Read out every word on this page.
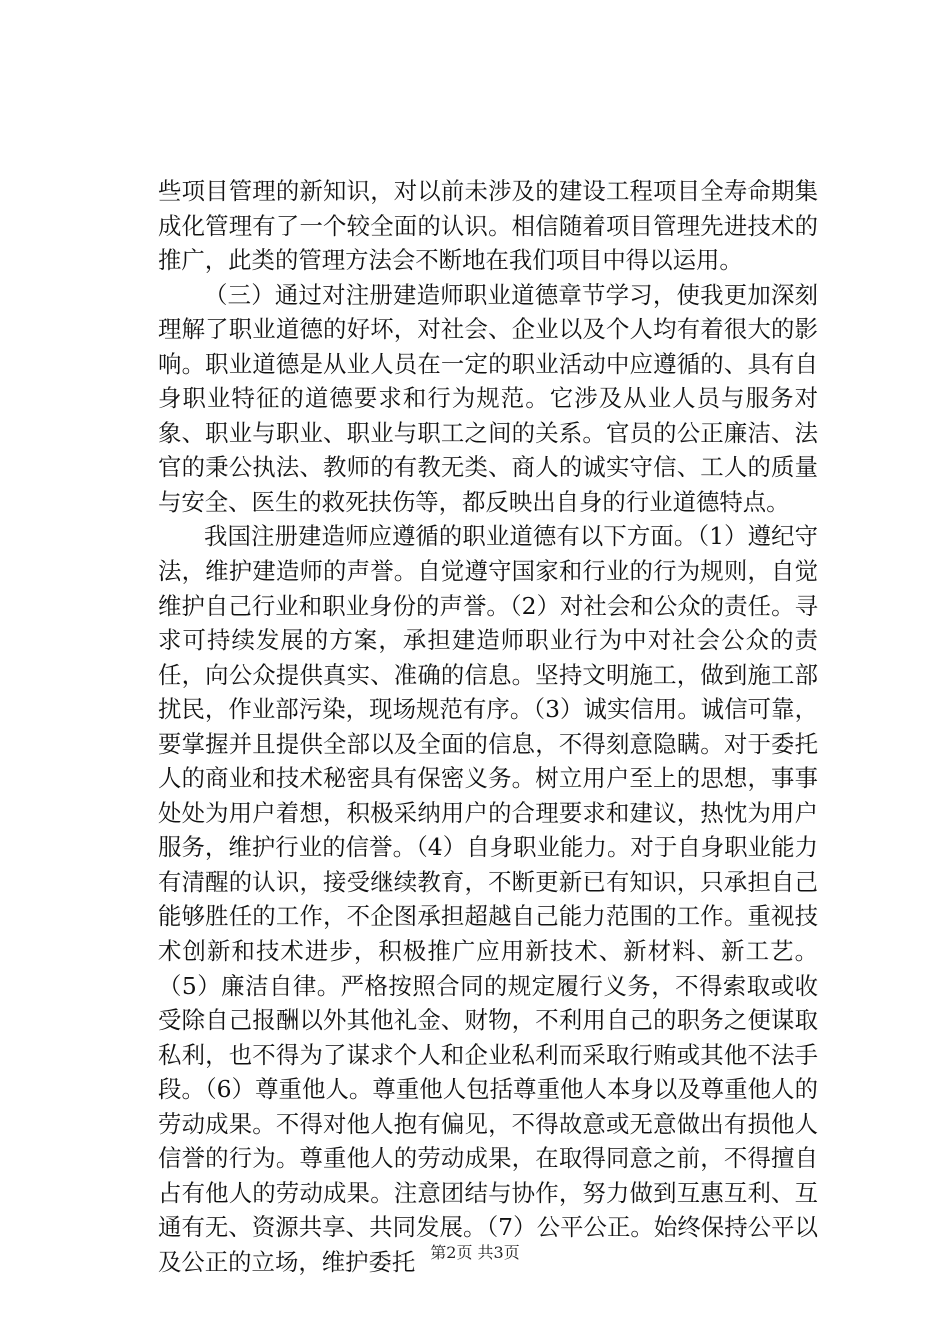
些项目管理的新知识，对以前未涉及的建设工程项目全寿命期集成化管理有了一个较全面的认识。相信随着项目管理先进技术的推广，此类的管理方法会不断地在我们项目中得以运用。

（三）通过对注册建造师职业道德章节学习，使我更加深刻理解了职业道德的好坏，对社会、企业以及个人均有着很大的影响。职业道德是从业人员在一定的职业活动中应遵循的、具有自身职业特征的道德要求和行为规范。它涉及从业人员与服务对象、职业与职业、职业与职工之间的关系。官员的公正廉洁、法官的秉公执法、教师的有教无类、商人的诚实守信、工人的质量与安全、医生的救死扶伤等，都反映出自身的行业道德特点。

我国注册建造师应遵循的职业道德有以下方面。（1）遵纪守法，维护建造师的声誉。自觉遵守国家和行业的行为规则，自觉维护自己行业和职业身份的声誉。（2）对社会和公众的责任。寻求可持续发展的方案，承担建造师职业行为中对社会公众的责任，向公众提供真实、准确的信息。坚持文明施工，做到施工部扰民，作业部污染，现场规范有序。（3）诚实信用。诚信可靠，要掌握并且提供全部以及全面的信息，不得刻意隐瞒。对于委托人的商业和技术秘密具有保密义务。树立用户至上的思想，事事处处为用户着想，积极采纳用户的合理要求和建议，热忱为用户服务，维护行业的信誉。（4）自身职业能力。对于自身职业能力有清醒的认识，接受继续教育，不断更新已有知识，只承担自己能够胜任的工作，不企图承担超越自己能力范围的工作。重视技术创新和技术进步，积极推广应用新技术、新材料、新工艺。（5）廉洁自律。严格按照合同的规定履行义务，不得索取或收受除自己报酬以外其他礼金、财物，不利用自己的职务之便谋取私利，也不得为了谋求个人和企业私利而采取行贿或其他不法手段。（6）尊重他人。尊重他人包括尊重他人本身以及尊重他人的劳动成果。不得对他人抱有偏见，不得故意或无意做出有损他人信誉的行为。尊重他人的劳动成果，在取得同意之前，不得擅自占有他人的劳动成果。注意团结与协作，努力做到互惠互利、互通有无、资源共享、共同发展。（7）公平公正。始终保持公平以及公正的立场，维护委托 第2页 共3页
